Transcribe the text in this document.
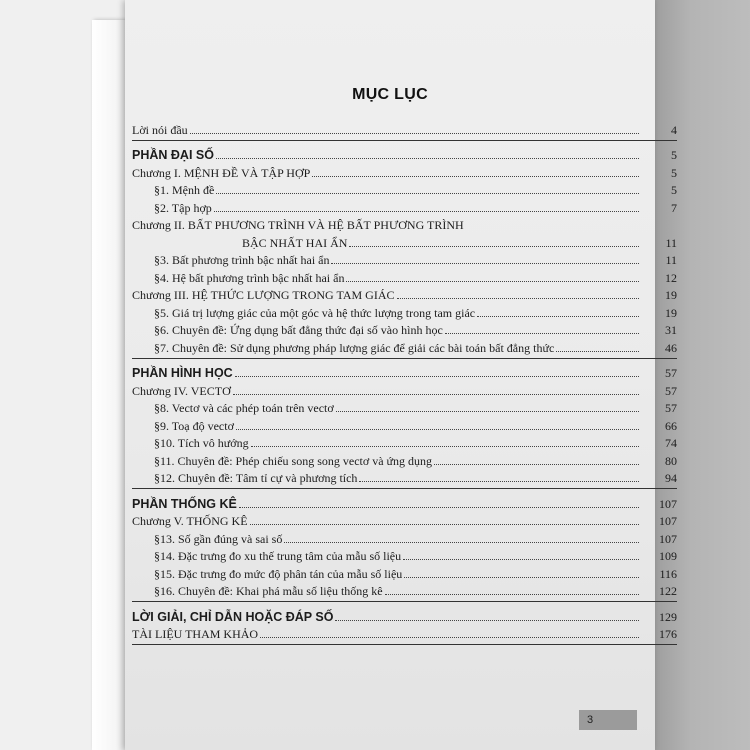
MỤC LỤC
Lời nói đầu	4
PHẦN ĐẠI SỐ	5
Chương I. MỆNH ĐỀ VÀ TẬP HỢP	5
§1. Mệnh đề	5
§2. Tập hợp	7
Chương II. BẤT PHƯƠNG TRÌNH VÀ HỆ BẤT PHƯƠNG TRÌNH
BẬC NHẤT HAI ẨN	11
§3. Bất phương trình bậc nhất hai ẩn	11
§4. Hệ bất phương trình bậc nhất hai ẩn	12
Chương III. HỆ THỨC LƯỢNG TRONG TAM GIÁC	19
§5. Giá trị lượng giác của một góc và hệ thức lượng trong tam giác	19
§6. Chuyên đề: Ứng dụng bất đẳng thức đại số vào hình học	31
§7. Chuyên đề: Sử dụng phương pháp lượng giác để giải các bài toán bất đẳng thức	46
PHẦN HÌNH HỌC	57
Chương IV. VECTƠ	57
§8. Vectơ và các phép toán trên vectơ	57
§9. Toạ độ vectơ	66
§10. Tích vô hướng	74
§11. Chuyên đề: Phép chiếu song song vectơ và ứng dụng	80
§12. Chuyên đề: Tâm tỉ cự và phương tích	94
PHẦN THỐNG KÊ	107
Chương V. THỐNG KÊ	107
§13. Số gần đúng và sai số	107
§14. Đặc trưng đo xu thế trung tâm của mẫu số liệu	109
§15. Đặc trưng đo mức độ phân tán của mẫu số liệu	116
§16. Chuyên đề: Khai phá mẫu số liệu thống kê	122
LỜI GIẢI, CHỈ DẪN HOẶC ĐÁP SỐ	129
TÀI LIỆU THAM KHẢO	176
3
